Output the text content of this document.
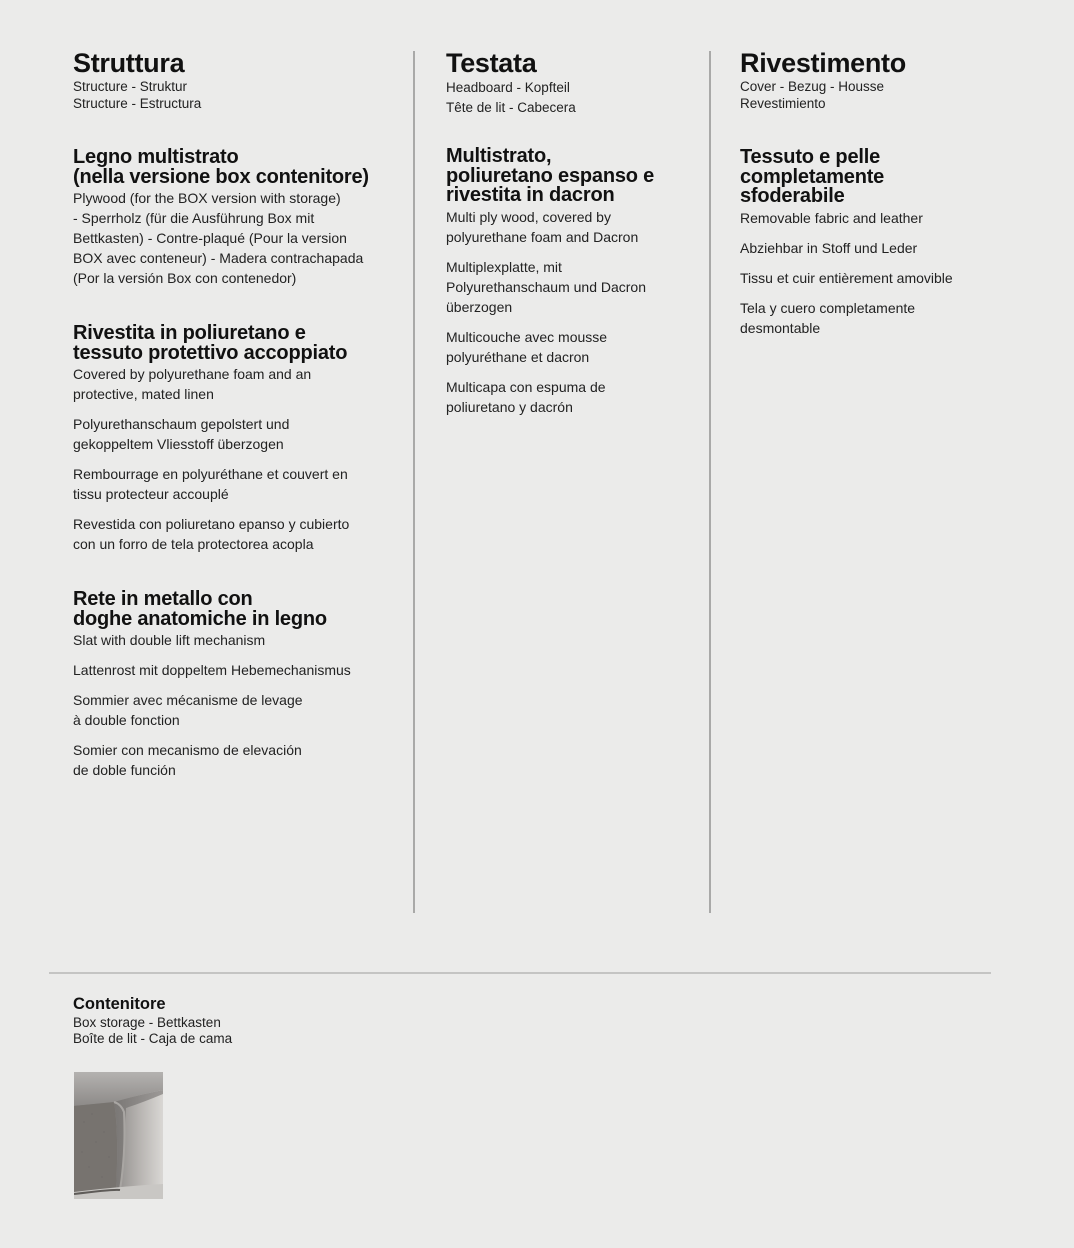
Struttura

Structure - Struktur

Structure - Estructura

Legno multistrato
(nella versione box contenitore)

Plywood (for the BOX version with storage)
- Sperrholz (für die Ausführung Box mit
Bettkasten) - Contre-plaqué (Pour la version
BOX avec conteneur) - Madera contrachapada
(Por la versión Box con contenedor)

Rivestita in poliuretano e
tessuto protettivo accoppiato

Covered by polyurethane foam and an
protective, mated linen

Polyurethanschaum gepolstert und
gekoppeltem Vliesstoff überzogen

Rembourrage en polyuréthane et couvert en
tissu protecteur accouplé

Revestida con poliuretano epanso y cubierto
con un forro de tela protectorea acopla

Rete in metallo con
doghe anatomiche in legno

Slat with double lift mechanism

Lattenrost mit doppeltem Hebemechanismus

Sommier avec mécanisme de levage
à double fonction

Somier con mecanismo de elevación
de doble función

Testata

Headboard - Kopfteil

Tête de lit - Cabecera

Multistrato,
poliuretano espanso e
rivestita in dacron

Multi ply wood, covered by
polyurethane foam and Dacron

Multiplexplatte, mit
Polyurethanschaum und Dacron
überzogen

Multicouche avec mousse
polyuréthane et dacron

Multicapa con espuma de
poliuretano y dacrón

Rivestimento

Cover - Bezug - Housse

Revestimiento

Tessuto e pelle
completamente
sfoderabile

Removable fabric and leather

Abziehbar in Stoff und Leder

Tissu et cuir entièrement amovible

Tela y cuero completamente
desmontable

Contenitore

Box storage - Bettkasten

Boîte de lit - Caja de cama
